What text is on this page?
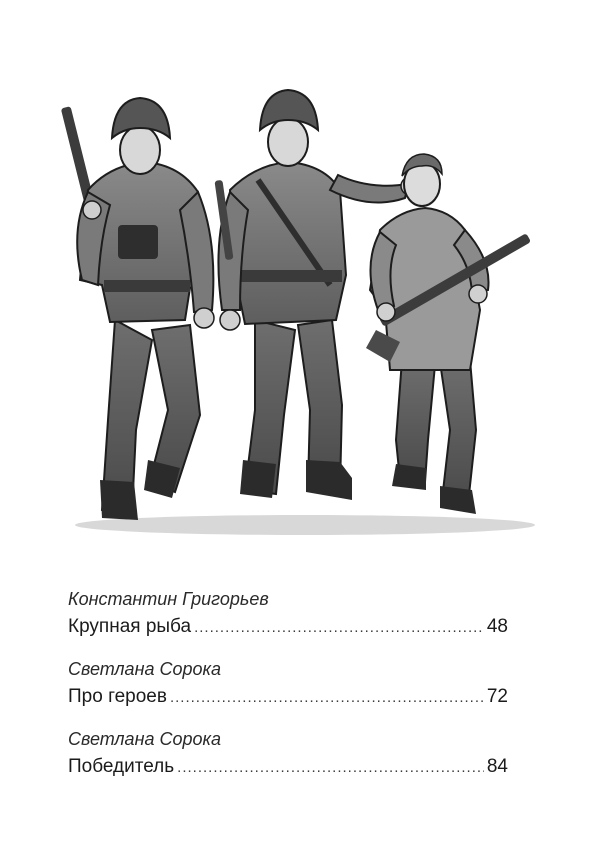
Константин Григорьев
Крупная рыба .....	48
Светлана Сорока
Про героев .....	72
Светлана Сорока
Победитель .....	84
